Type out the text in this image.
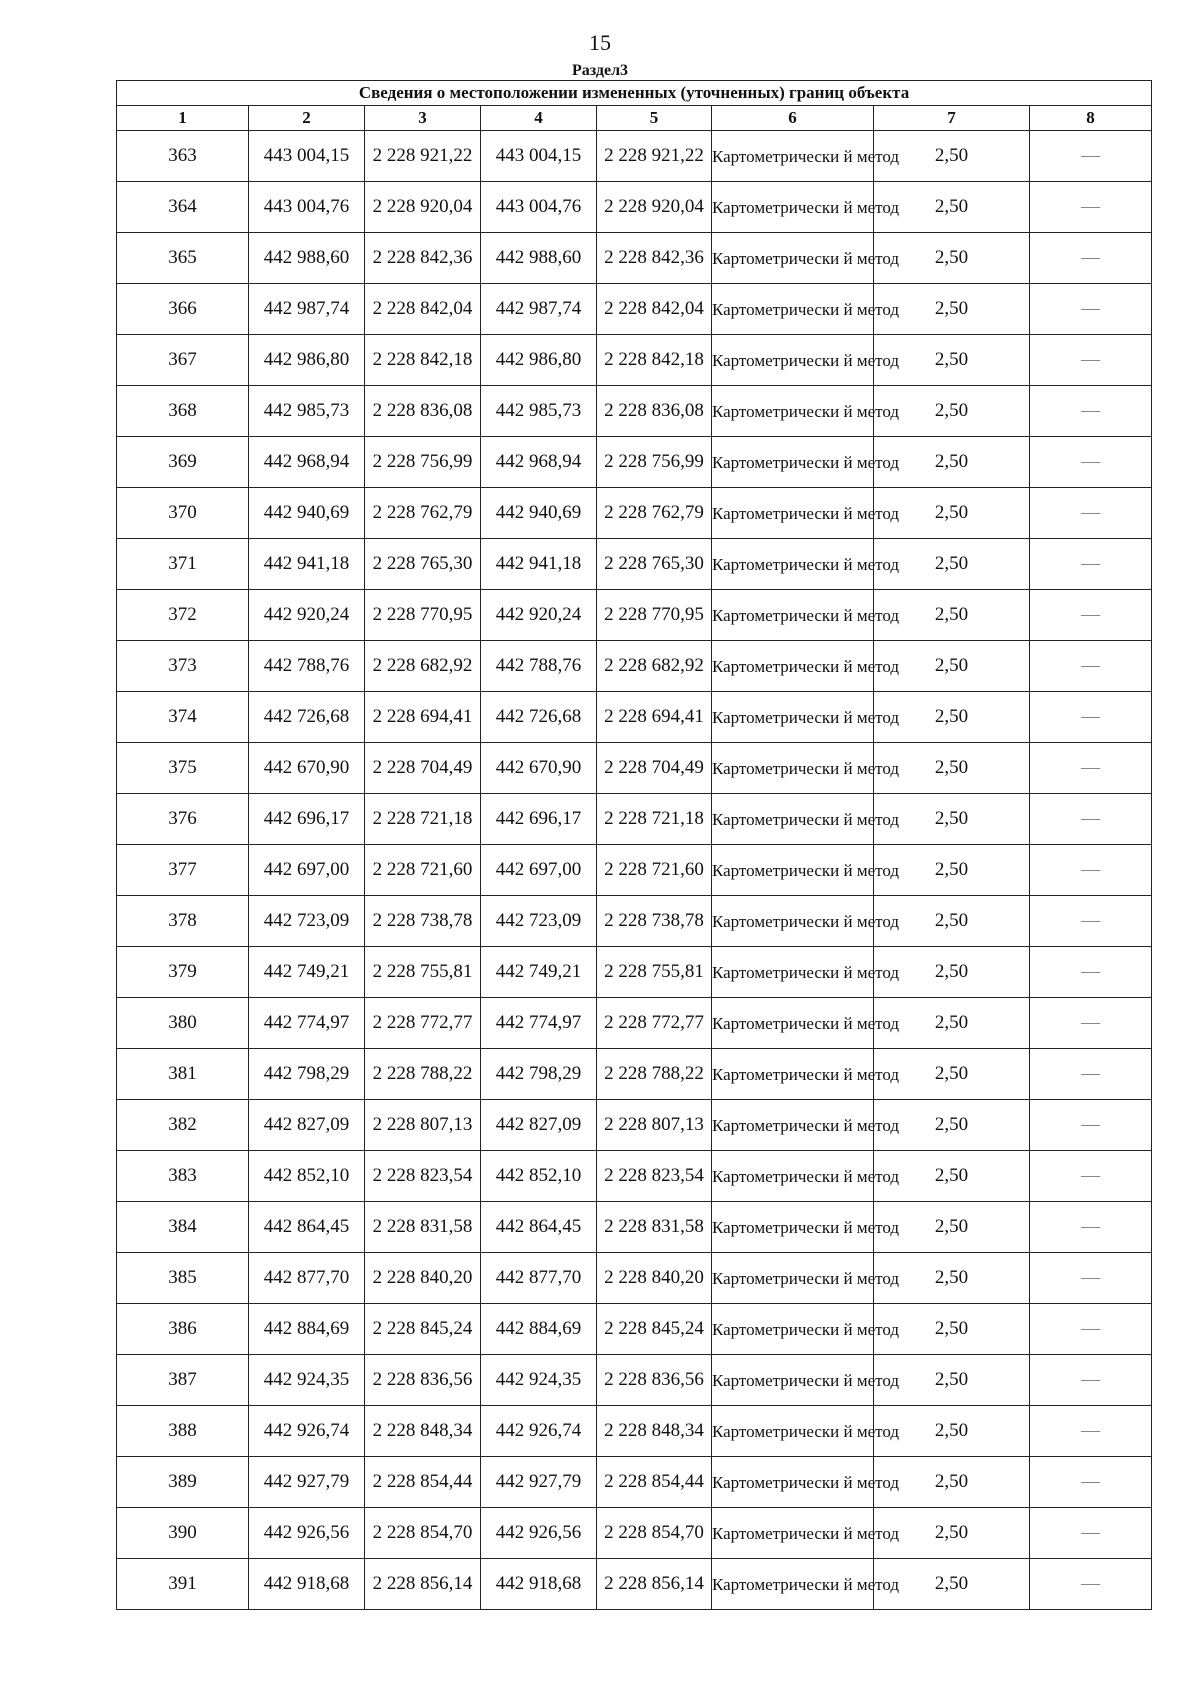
15
Раздел3
Сведения о местоположении измененных (уточненных) границ объекта							
1	2	3	4	5	6	7	8
363	443 004,15	2 228 921,22	443 004,15	2 228 921,22	Картометрически й метод	2,50	—
364	443 004,76	2 228 920,04	443 004,76	2 228 920,04	Картометрически й метод	2,50	—
365	442 988,60	2 228 842,36	442 988,60	2 228 842,36	Картометрически й метод	2,50	—
366	442 987,74	2 228 842,04	442 987,74	2 228 842,04	Картометрически й метод	2,50	—
367	442 986,80	2 228 842,18	442 986,80	2 228 842,18	Картометрически й метод	2,50	—
368	442 985,73	2 228 836,08	442 985,73	2 228 836,08	Картометрически й метод	2,50	—
369	442 968,94	2 228 756,99	442 968,94	2 228 756,99	Картометрически й метод	2,50	—
370	442 940,69	2 228 762,79	442 940,69	2 228 762,79	Картометрически й метод	2,50	—
371	442 941,18	2 228 765,30	442 941,18	2 228 765,30	Картометрически й метод	2,50	—
372	442 920,24	2 228 770,95	442 920,24	2 228 770,95	Картометрически й метод	2,50	—
373	442 788,76	2 228 682,92	442 788,76	2 228 682,92	Картометрически й метод	2,50	—
374	442 726,68	2 228 694,41	442 726,68	2 228 694,41	Картометрически й метод	2,50	—
375	442 670,90	2 228 704,49	442 670,90	2 228 704,49	Картометрически й метод	2,50	—
376	442 696,17	2 228 721,18	442 696,17	2 228 721,18	Картометрически й метод	2,50	—
377	442 697,00	2 228 721,60	442 697,00	2 228 721,60	Картометрически й метод	2,50	—
378	442 723,09	2 228 738,78	442 723,09	2 228 738,78	Картометрически й метод	2,50	—
379	442 749,21	2 228 755,81	442 749,21	2 228 755,81	Картометрически й метод	2,50	—
380	442 774,97	2 228 772,77	442 774,97	2 228 772,77	Картометрически й метод	2,50	—
381	442 798,29	2 228 788,22	442 798,29	2 228 788,22	Картометрически й метод	2,50	—
382	442 827,09	2 228 807,13	442 827,09	2 228 807,13	Картометрически й метод	2,50	—
383	442 852,10	2 228 823,54	442 852,10	2 228 823,54	Картометрически й метод	2,50	—
384	442 864,45	2 228 831,58	442 864,45	2 228 831,58	Картометрически й метод	2,50	—
385	442 877,70	2 228 840,20	442 877,70	2 228 840,20	Картометрически й метод	2,50	—
386	442 884,69	2 228 845,24	442 884,69	2 228 845,24	Картометрически й метод	2,50	—
387	442 924,35	2 228 836,56	442 924,35	2 228 836,56	Картометрически й метод	2,50	—
388	442 926,74	2 228 848,34	442 926,74	2 228 848,34	Картометрически й метод	2,50	—
389	442 927,79	2 228 854,44	442 927,79	2 228 854,44	Картометрически й метод	2,50	—
390	442 926,56	2 228 854,70	442 926,56	2 228 854,70	Картометрически й метод	2,50	—
391	442 918,68	2 228 856,14	442 918,68	2 228 856,14	Картометрически й метод	2,50	—
